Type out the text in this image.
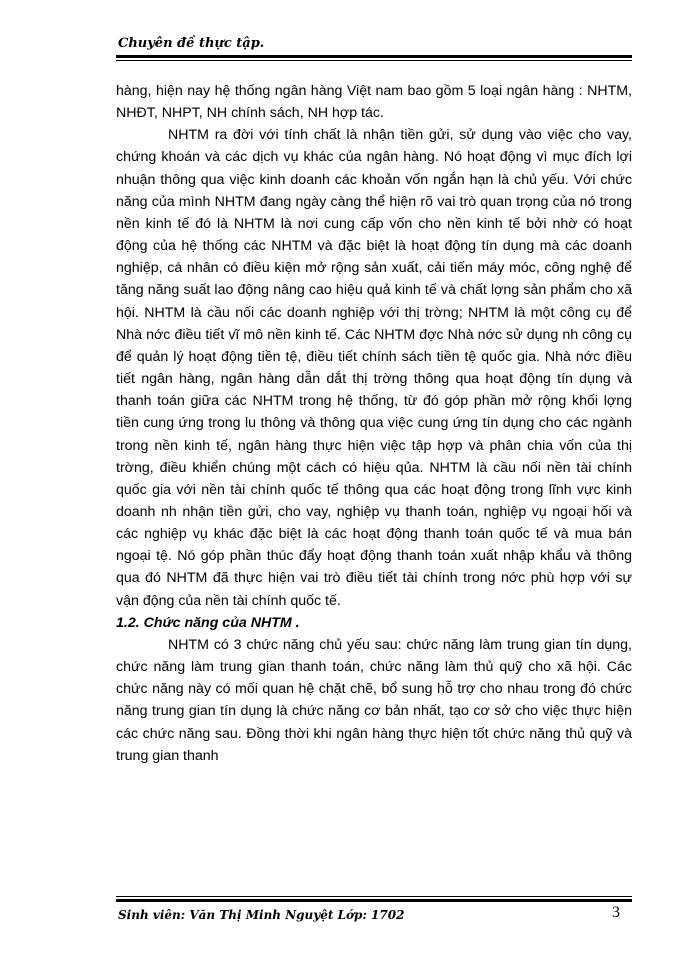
Chuyên đề thực tập.

hàng, hiện nay hệ thống ngân hàng Việt nam bao gồm 5 loại ngân hàng : NHTM, NHĐT, NHPT, NH chính sách, NH hợp tác.

NHTM ra đời với tính chất là nhận tiền gửi, sử dụng vào việc cho vay, chứng khoán và các dịch vụ khác của ngân hàng. Nó hoạt động vì mục đích lợi nhuận thông qua việc kinh doanh các khoản vốn ngắn hạn là chủ yếu. Với chức năng của mình NHTM đang ngày càng thể hiện rõ vai trò quan trọng của nó trong nền kinh tế đó là NHTM là nơi cung cấp vốn cho nền kinh tế bởi nhờ có hoạt động của hệ thống các NHTM và đặc biệt là hoạt động tín dụng mà các doanh nghiệp, cá nhân có điều kiện mở rộng sản xuất, cải tiến máy móc, công nghệ để tăng năng suất lao động nâng cao hiệu quả kinh tế và chất lợng sản phẩm cho xã hội. NHTM là cầu nối các doanh nghiệp với thị trờng; NHTM là một công cụ để Nhà nớc điều tiết vĩ mô nền kinh tế. Các NHTM đợc Nhà nớc sử dụng nh công cụ để quản lý hoạt động tiền tệ, điều tiết chính sách tiền tệ quốc gia. Nhà nớc điều tiết ngân hàng, ngân hàng dẫn dắt thị trờng thông qua hoạt động tín dụng và thanh toán giữa các NHTM trong hệ thống, từ đó góp phần mở rộng khối lợng tiền cung ứng trong lu thông và thông qua việc cung ứng tín dụng cho các ngành trong nền kinh tế, ngân hàng thực hiện việc tập hợp và phân chia vốn của thị trờng, điều khiển chúng một cách có hiệu qủa. NHTM là cầu nối nền tài chính quốc gia với nền tài chính quốc tế thông qua các hoạt động trong lĩnh vực kinh doanh nh nhận tiền gửi, cho vay, nghiệp vụ thanh toán, nghiệp vụ ngoại hối và các nghiệp vụ khác đặc biệt là các hoạt động thanh toán quốc tế và mua bán ngoại tệ. Nó góp phần thúc đẩy hoạt động thanh toán xuất nhập khẩu và thông qua đó NHTM đã thực hiện vai trò điều tiết tài chính trong nớc phù hợp với sự vận động của nền tài chính quốc tế.

1.2. Chức năng của NHTM .

NHTM có 3 chức năng chủ yếu sau: chức năng làm trung gian tín dụng, chức năng làm trung gian thanh toán, chức năng làm thủ quỹ cho xã hội. Các chức năng này có mối quan hệ chặt chẽ, bổ sung hỗ trợ cho nhau trong đó chức năng trung gian tín dụng là chức năng cơ bản nhất, tạo cơ sở cho việc thực hiện các chức năng sau. Đồng thời khi ngân hàng thực hiện tốt chức năng thủ quỹ và trung gian thanh

Sinh viên: Văn Thị Minh Nguyệt Lớp: 1702	3
